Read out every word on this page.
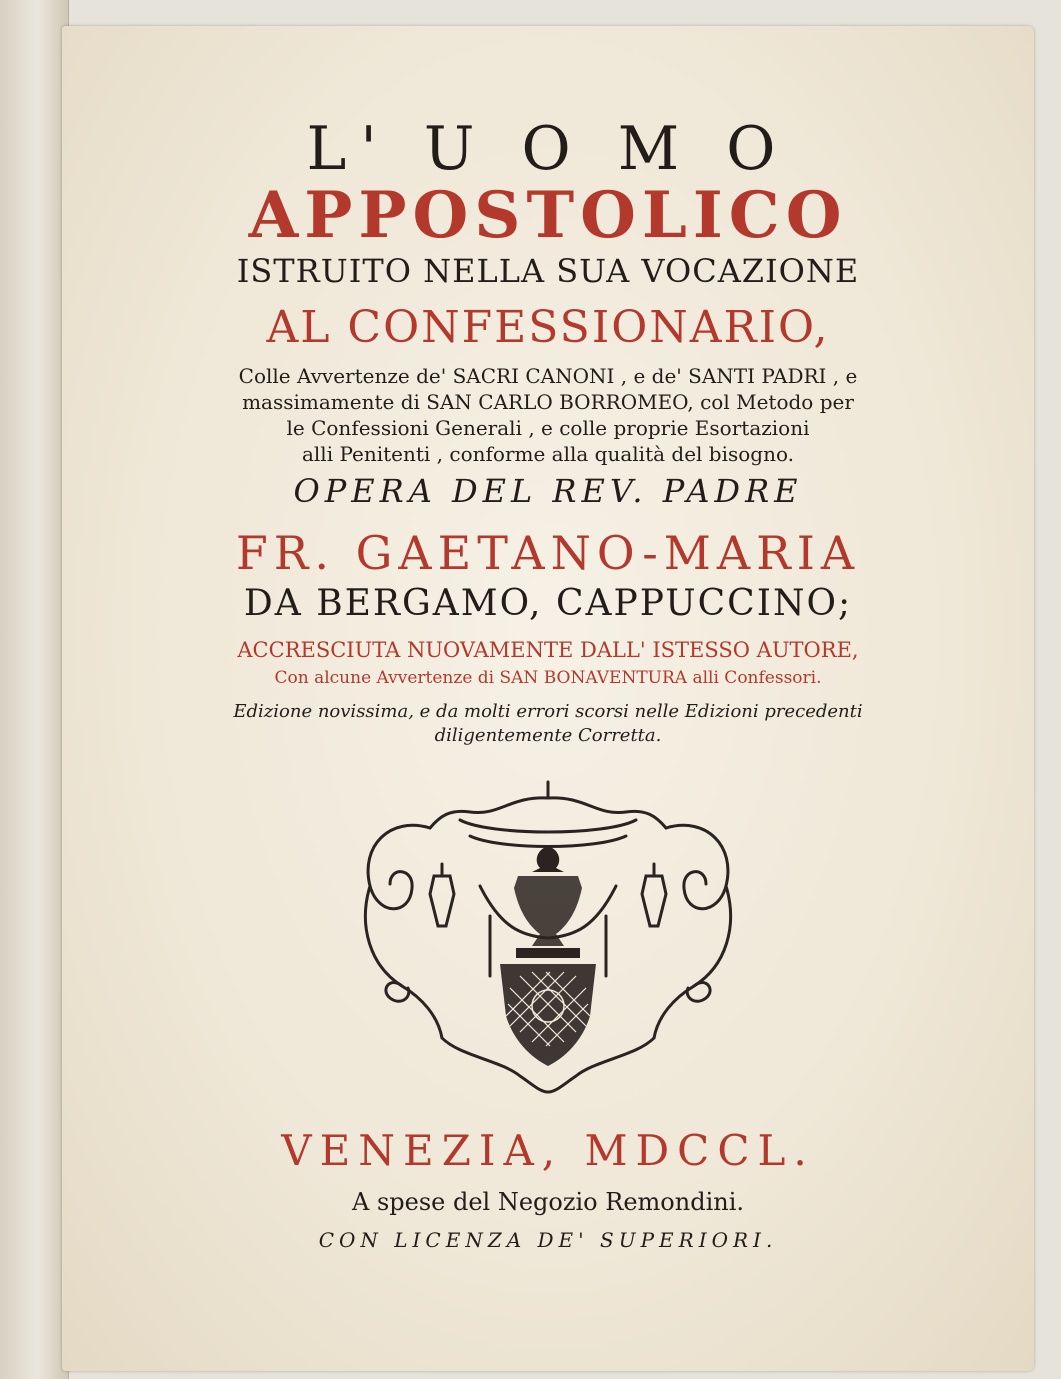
L' U O M O
APPOSTOLICO
ISTRUITO NELLA SUA VOCAZIONE
AL CONFESSIONARIO,
Colle Avvertenze de' SACRI CANONI , e de' SANTI PADRI , e
massimamente di SAN CARLO BORROMEO, col Metodo per
le Confessioni Generali , e colle proprie Esortazioni
alli Penitenti , conforme alla qualità del bisogno.
OPERA DEL REV. PADRE
FR. GAETANO-MARIA
DA BERGAMO, CAPPUCCINO;
ACCRESCIUTA NUOVAMENTE DALL' ISTESSO AUTORE,
Con alcune Avvertenze di SAN BONAVENTURA alli Confessori.
Edizione novissima, e da molti errori scorsi nelle Edizioni precedenti
diligentemente Corretta.
VENEZIA, MDCCL.
A spese del Negozio Remondini.
CON LICENZA DE' SUPERIORI.
